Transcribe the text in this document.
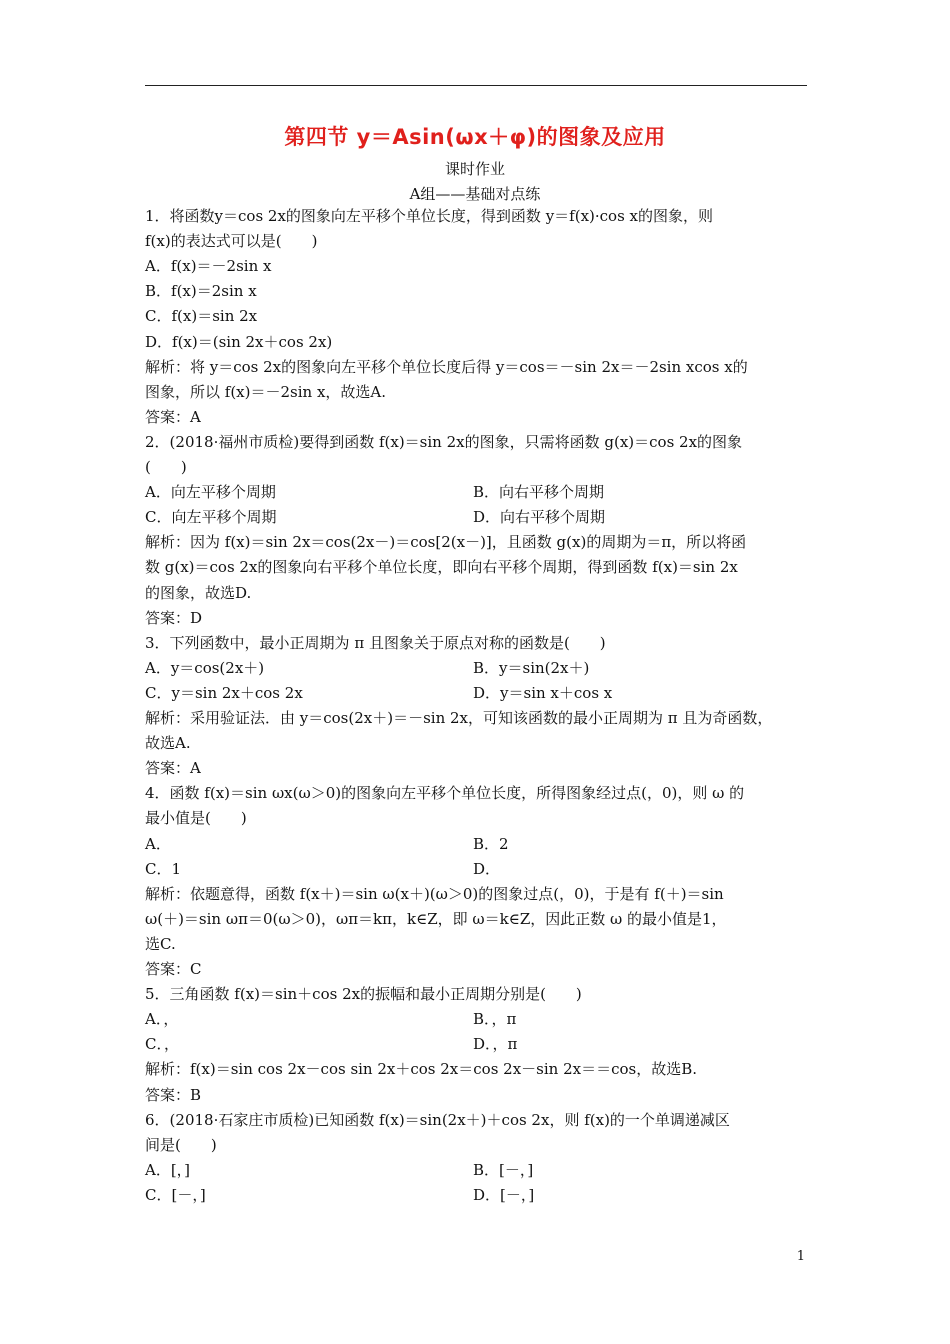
第四节 y＝Asin(ωx＋φ)的图象及应用
课时作业
A组——基础对点练
1．将函数y＝cos 2x的图象向左平移个单位长度，得到函数 y＝f(x)·cos x的图象，则
f(x)的表达式可以是(　　)
A．f(x)＝－2sin x
B．f(x)＝2sin x
C．f(x)＝sin 2x
D．f(x)＝(sin 2x＋cos 2x)
解析：将 y＝cos 2x的图象向左平移个单位长度后得 y＝cos＝－sin 2x＝－2sin xcos x的
图象，所以 f(x)＝－2sin x，故选A.
答案：A
2．(2018·福州市质检)要得到函数 f(x)＝sin 2x的图象，只需将函数 g(x)＝cos 2x的图象
(　　)
A．向左平移个周期	B．向右平移个周期
C．向左平移个周期	D．向右平移个周期
解析：因为 f(x)＝sin 2x＝cos(2x－)＝cos[2(x－)]，且函数 g(x)的周期为＝π，所以将函
数 g(x)＝cos 2x的图象向右平移个单位长度，即向右平移个周期，得到函数 f(x)＝sin 2x
的图象，故选D.
答案：D
3．下列函数中，最小正周期为 π 且图象关于原点对称的函数是(　　)
A．y＝cos(2x＋)	B．y＝sin(2x＋)
C．y＝sin 2x＋cos 2x	D．y＝sin x＋cos x
解析：采用验证法．由 y＝cos(2x＋)＝－sin 2x，可知该函数的最小正周期为 π 且为奇函数，
故选A.
答案：A
4．函数 f(x)＝sin ωx(ω＞0)的图象向左平移个单位长度，所得图象经过点(，0)，则 ω 的
最小值是(　　)
A．	B．2
C．1	D．
解析：依题意得，函数 f(x＋)＝sin ω(x＋)(ω＞0)的图象过点(，0)，于是有 f(＋)＝sin
ω(＋)＝sin ωπ＝0(ω＞0)，ωπ＝kπ，k∈Z，即 ω＝k∈Z，因此正数 ω 的最小值是1，
选C.
答案：C
5．三角函数 f(x)＝sin＋cos 2x的振幅和最小正周期分别是(　　)
A．，	B．，π
C．，	D．，π
解析：f(x)＝sin cos 2x－cos sin 2x＋cos 2x＝cos 2x－sin 2x＝＝cos，故选B.
答案：B
6．(2018·石家庄市质检)已知函数 f(x)＝sin(2x＋)＋cos 2x，则 f(x)的一个单调递减区
间是(　　)
A．[，]	B．[－，]
C．[－，]	D．[－，]
1
